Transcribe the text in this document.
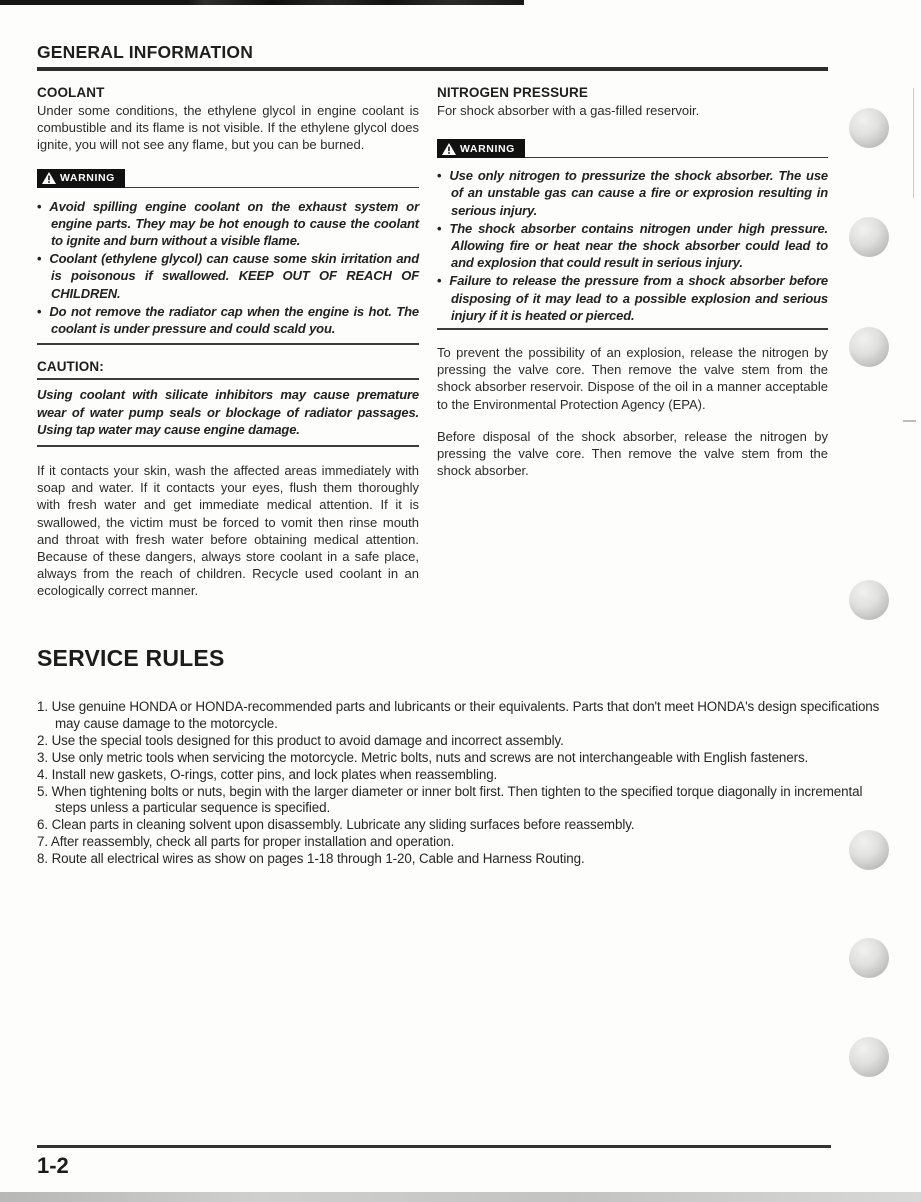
GENERAL INFORMATION
COOLANT

Under some conditions, the ethylene glycol in engine coolant is combustible and its flame is not visible. If the ethylene glycol does ignite, you will not see any flame, but you can be burned.

WARNING
• Avoid spilling engine coolant on the exhaust system or engine parts. They may be hot enough to cause the coolant to ignite and burn without a visible flame.
• Coolant (ethylene glycol) can cause some skin irritation and is poisonous if swallowed. KEEP OUT OF REACH OF CHILDREN.
• Do not remove the radiator cap when the engine is hot. The coolant is under pressure and could scald you.
CAUTION:

Using coolant with silicate inhibitors may cause premature wear of water pump seals or blockage of radiator passages. Using tap water may cause engine damage.

If it contacts your skin, wash the affected areas immediately with soap and water. If it contacts your eyes, flush them thoroughly with fresh water and get immediate medical attention. If it is swallowed, the victim must be forced to vomit then rinse mouth and throat with fresh water before obtaining medical attention. Because of these dangers, always store coolant in a safe place, always from the reach of children. Recycle used coolant in an ecologically correct manner.

NITROGEN PRESSURE

For shock absorber with a gas-filled reservoir.

WARNING
• Use only nitrogen to pressurize the shock absorber. The use of an unstable gas can cause a fire or exprosion resulting in serious injury.
• The shock absorber contains nitrogen under high pressure. Allowing fire or heat near the shock absorber could lead to and explosion that could result in serious injury.
• Failure to release the pressure from a shock absorber before disposing of it may lead to a possible explosion and serious injury if it is heated or pierced.

To prevent the possibility of an explosion, release the nitrogen by pressing the valve core. Then remove the valve stem from the shock absorber reservoir. Dispose of the oil in a manner acceptable to the Environmental Protection Agency (EPA).

Before disposal of the shock absorber, release the nitrogen by pressing the valve core. Then remove the valve stem from the shock absorber.

SERVICE RULES
Use genuine HONDA or HONDA-recommended parts and lubricants or their equivalents. Parts that don't meet HONDA's design specifications may cause damage to the motorcycle.
Use the special tools designed for this product to avoid damage and incorrect assembly.
Use only metric tools when servicing the motorcycle. Metric bolts, nuts and screws are not interchangeable with English fasteners.
Install new gaskets, O-rings, cotter pins, and lock plates when reassembling.
When tightening bolts or nuts, begin with the larger diameter or inner bolt first. Then tighten to the specified torque diagonally in incremental steps unless a particular sequence is specified.
Clean parts in cleaning solvent upon disassembly. Lubricate any sliding surfaces before reassembly.
After reassembly, check all parts for proper installation and operation.
Route all electrical wires as show on pages 1-18 through 1-20, Cable and Harness Routing.

1-2
